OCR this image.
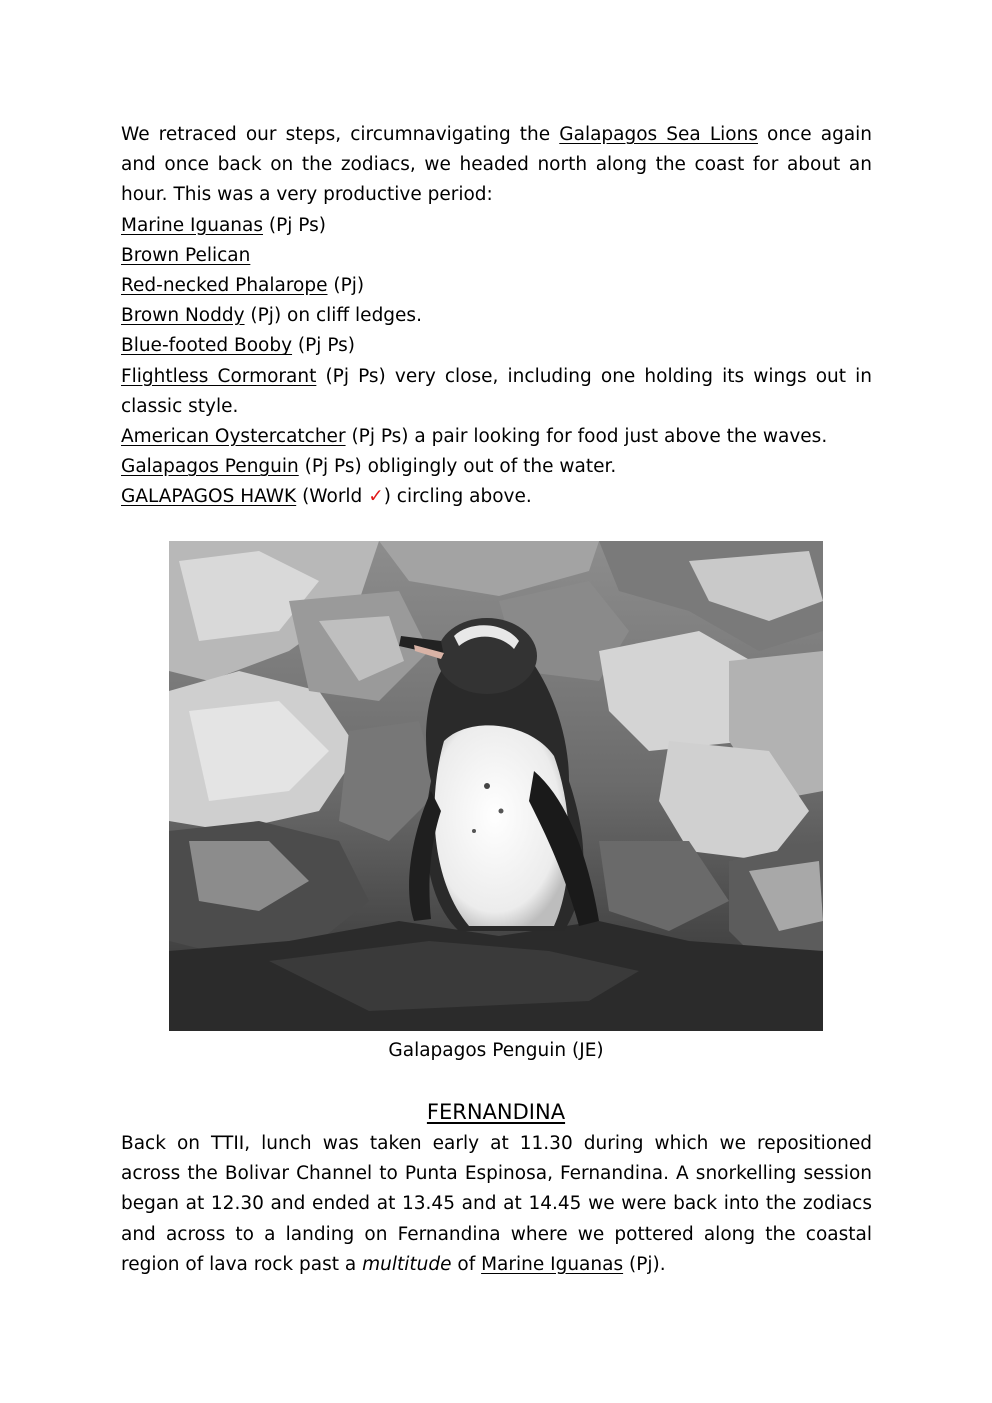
We retraced our steps, circumnavigating the Galapagos Sea Lions once again and once back on the zodiacs, we headed north along the coast for about an hour. This was a very productive period:

Marine Iguanas (Pj Ps)
Brown Pelican
Red-necked Phalarope (Pj)
Brown Noddy (Pj) on cliff ledges.
Blue-footed Booby (Pj Ps)
Flightless Cormorant (Pj Ps) very close, including one holding its wings out in
classic style.
American Oystercatcher (Pj Ps) a pair looking for food just above the waves.
Galapagos Penguin (Pj Ps) obligingly out of the water.
GALAPAGOS HAWK (World ✓) circling above.
Galapagos Penguin (JE)
FERNANDINA

Back on TTII, lunch was taken early at 11.30 during which we repositioned across the Bolivar Channel to Punta Espinosa, Fernandina. A snorkelling session began at 12.30 and ended at 13.45 and at 14.45 we were back into the zodiacs and across to a landing on Fernandina where we pottered along the coastal region of lava rock past a multitude of Marine Iguanas (Pj).
